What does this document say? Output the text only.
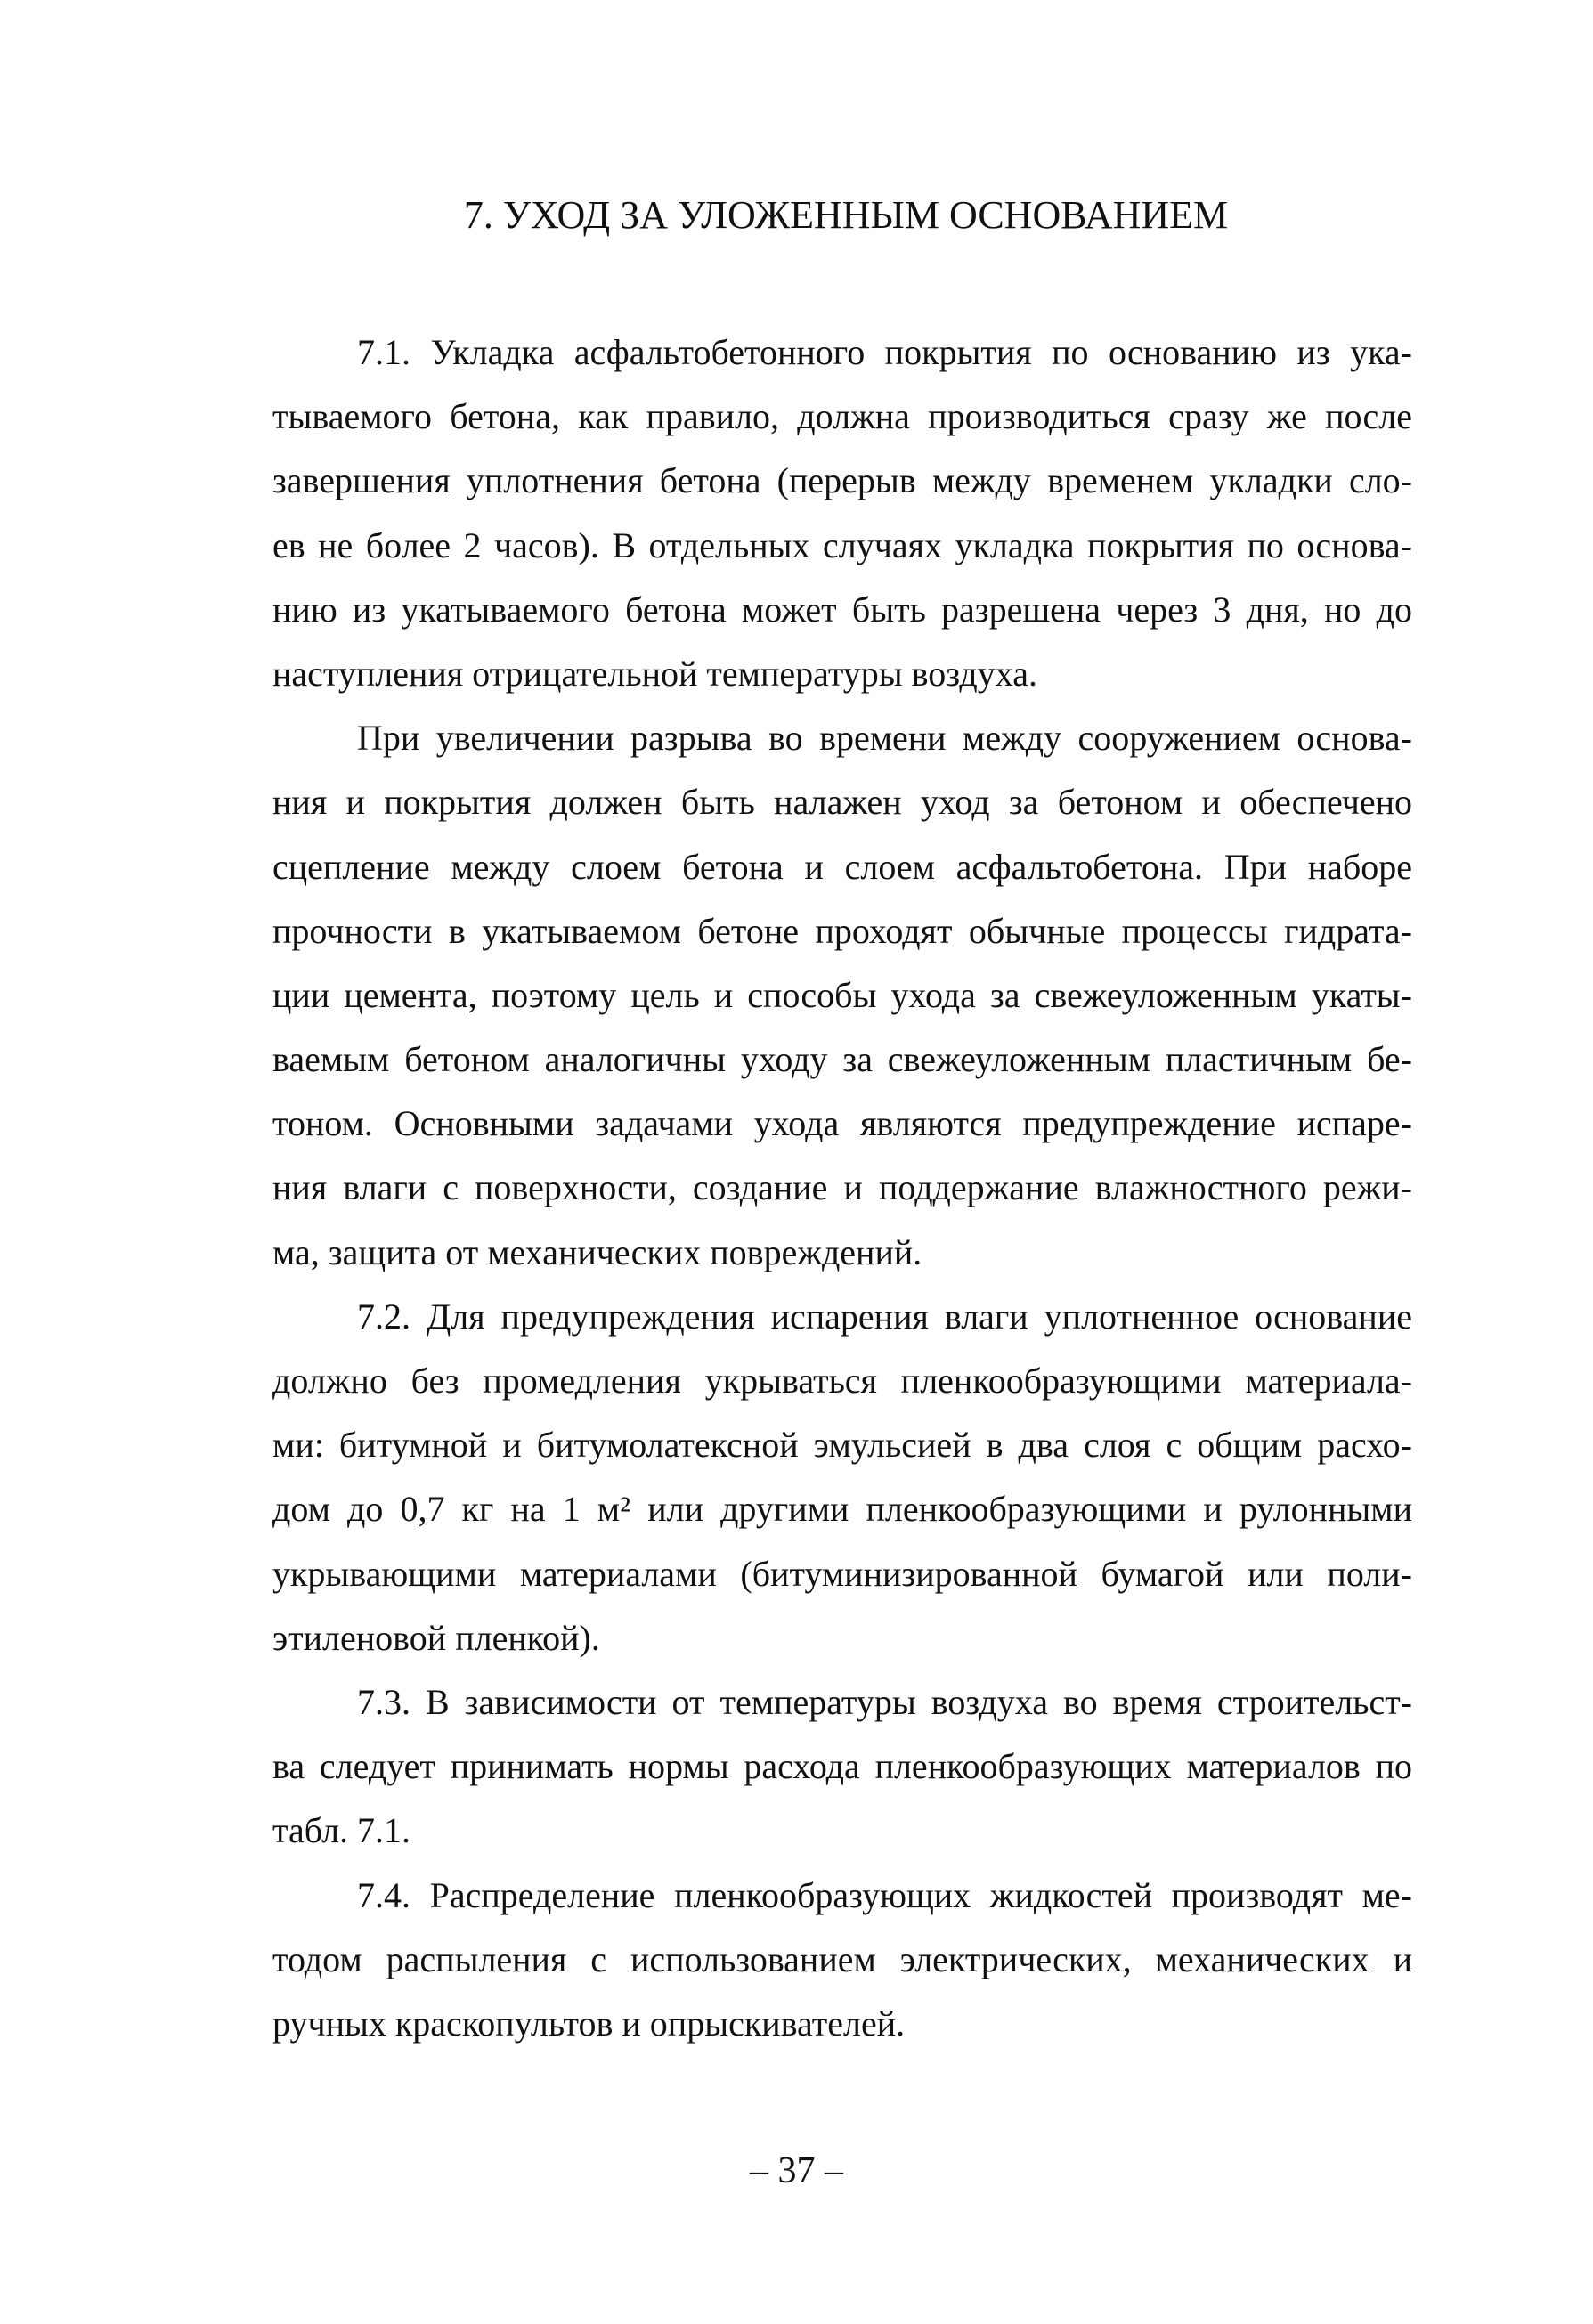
7. УХОД ЗА УЛОЖЕННЫМ ОСНОВАНИЕМ
7.1. Укладка асфальтобетонного покрытия по основанию из ука-
тываемого бетона, как правило, должна производиться сразу же после
завершения уплотнения бетона (перерыв между временем укладки сло-
ев не более 2 часов). В отдельных случаях укладка покрытия по основа-
нию из укатываемого бетона может быть разрешена через 3 дня, но до
наступления отрицательной температуры воздуха.
При увеличении разрыва во времени между сооружением основа-
ния и покрытия должен быть налажен уход за бетоном и обеспечено
сцепление между слоем бетона и слоем асфальтобетона. При наборе
прочности в укатываемом бетоне проходят обычные процессы гидрата-
ции цемента, поэтому цель и способы ухода за свежеуложенным укаты-
ваемым бетоном аналогичны уходу за свежеуложенным пластичным бе-
тоном. Основными задачами ухода являются предупреждение испаре-
ния влаги с поверхности, создание и поддержание влажностного режи-
ма, защита от механических повреждений.
7.2. Для предупреждения испарения влаги уплотненное основание
должно без промедления укрываться пленкообразующими материала-
ми: битумной и битумолатексной эмульсией в два слоя с общим расхо-
дом до 0,7 кг на 1 м² или другими пленкообразующими и рулонными
укрывающими материалами (битуминизированной бумагой или поли-
этиленовой пленкой).
7.3. В зависимости от температуры воздуха во время строительст-
ва следует принимать нормы расхода пленкообразующих материалов по
табл. 7.1.
7.4. Распределение пленкообразующих жидкостей производят ме-
тодом распыления с использованием электрических, механических и
ручных краскопультов и опрыскивателей.
– 37 –
